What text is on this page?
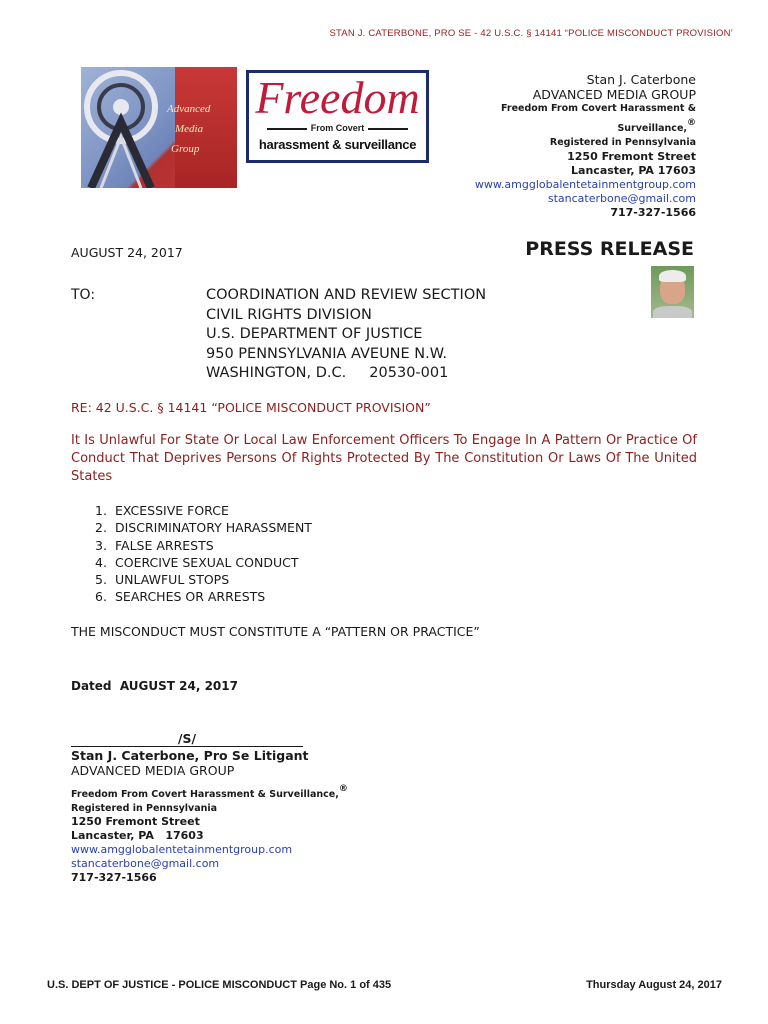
STAN J. CATERBONE, PRO SE - 42 U.S.C. § 14141 “POLICE MISCONDUCT PROVISION’
Advanced
Media
Group
Freedom
From Covert
harassment & surveillance
Stan J. Caterbone
ADVANCED MEDIA GROUP
Freedom From Covert Harassment &
Surveillance,®
Registered in Pennsylvania
1250 Fremont Street
Lancaster, PA 17603
www.amgglobalentetainmentgroup.com
stancaterbone@gmail.com
717-327-1566
AUGUST 24, 2017	PRESS RELEASE
TO:	COORDINATION AND REVIEW SECTION
CIVIL RIGHTS DIVISION
U.S. DEPARTMENT OF JUSTICE
950 PENNSYLVANIA AVEUNE N.W.
WASHINGTON, D.C.     20530-001
RE: 42 U.S.C. § 14141 “POLICE MISCONDUCT PROVISION”
It Is Unlawful For State Or Local Law Enforcement Officers To Engage In A Pattern Or Practice Of Conduct That Deprives Persons Of Rights Protected By The Constitution Or Laws Of The United States
1. EXCESSIVE FORCE
2. DISCRIMINATORY HARASSMENT
3. FALSE ARRESTS
4. COERCIVE SEXUAL CONDUCT
5. UNLAWFUL STOPS
6. SEARCHES OR ARRESTS
THE MISCONDUCT MUST CONSTITUTE A “PATTERN OR PRACTICE”
Dated  AUGUST 24, 2017
/S/
Stan J. Caterbone, Pro Se Litigant
ADVANCED MEDIA GROUP
Freedom From Covert Harassment & Surveillance,®
Registered in Pennsylvania
1250 Fremont Street
Lancaster, PA   17603
www.amgglobalentetainmentgroup.com
stancaterbone@gmail.com
717-327-1566
U.S. DEPT OF JUSTICE - POLICE MISCONDUCT Page No. 1 of 435	Thursday August 24, 2017
